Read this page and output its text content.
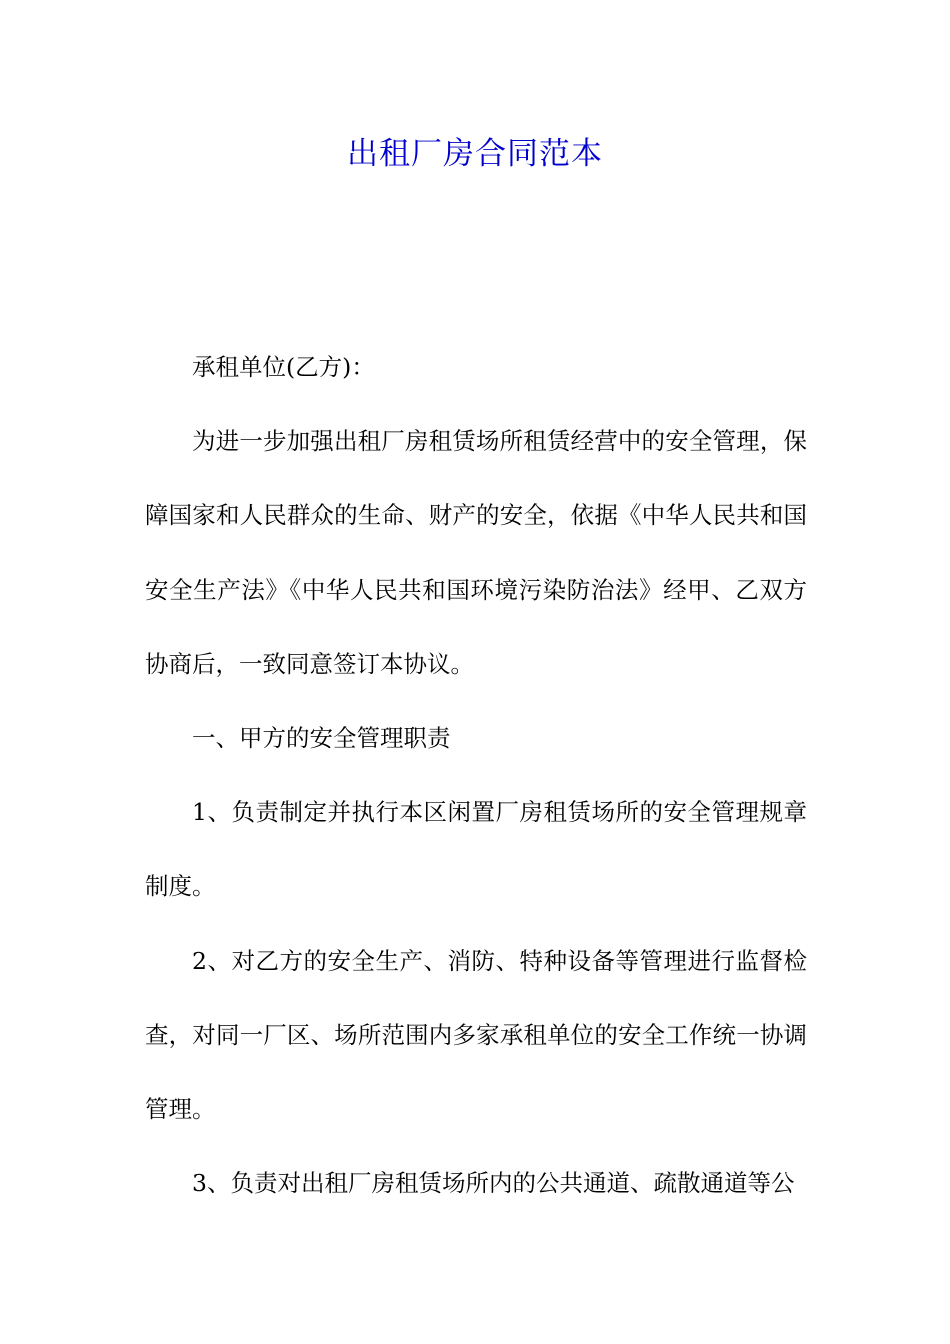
出租厂房合同范本

承租单位(乙方)：

为进一步加强出租厂房租赁场所租赁经营中的安全管理，保障国家和人民群众的生命、财产的安全，依据《中华人民共和国安全生产法》《中华人民共和国环境污染防治法》经甲、乙双方协商后，一致同意签订本协议。

一、甲方的安全管理职责

1、负责制定并执行本区闲置厂房租赁场所的安全管理规章制度。

2、对乙方的安全生产、消防、特种设备等管理进行监督检查，对同一厂区、场所范围内多家承租单位的安全工作统一协调管理。

3、负责对出租厂房租赁场所内的公共通道、疏散通道等公
